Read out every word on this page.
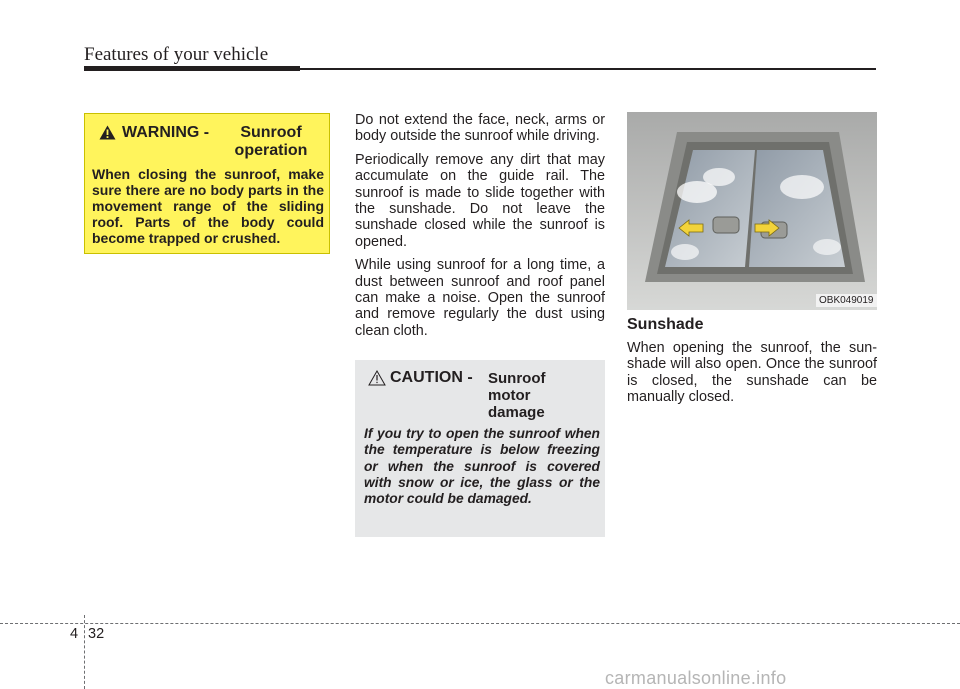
Features of your vehicle
WARNING -	Sunroof operation
When closing the sunroof, make sure there are no body parts in the movement range of the sliding roof. Parts of the body could become trapped or crushed.

Do not extend the face, neck, arms or body outside the sunroof while driving.

Periodically remove any dirt that may accumulate on the guide rail. The sunroof is made to slide together with the sunshade. Do not leave the sunshade closed while the sunroof is opened.

While using sunroof for a long time, a dust between sunroof and roof panel can make a noise. Open the sunroof and remove regularly the dust using clean cloth.

CAUTION - Sunroof motor damage
If you try to open the sunroof when the temperature is below freezing or when the sunroof is covered with snow or ice, the glass or the motor could be damaged.
OBK049019
Sunshade

When opening the sunroof, the sunshade will also open. Once the sunroof is closed, the sunshade can be manually closed.

4 32
carmanualsonline.info
